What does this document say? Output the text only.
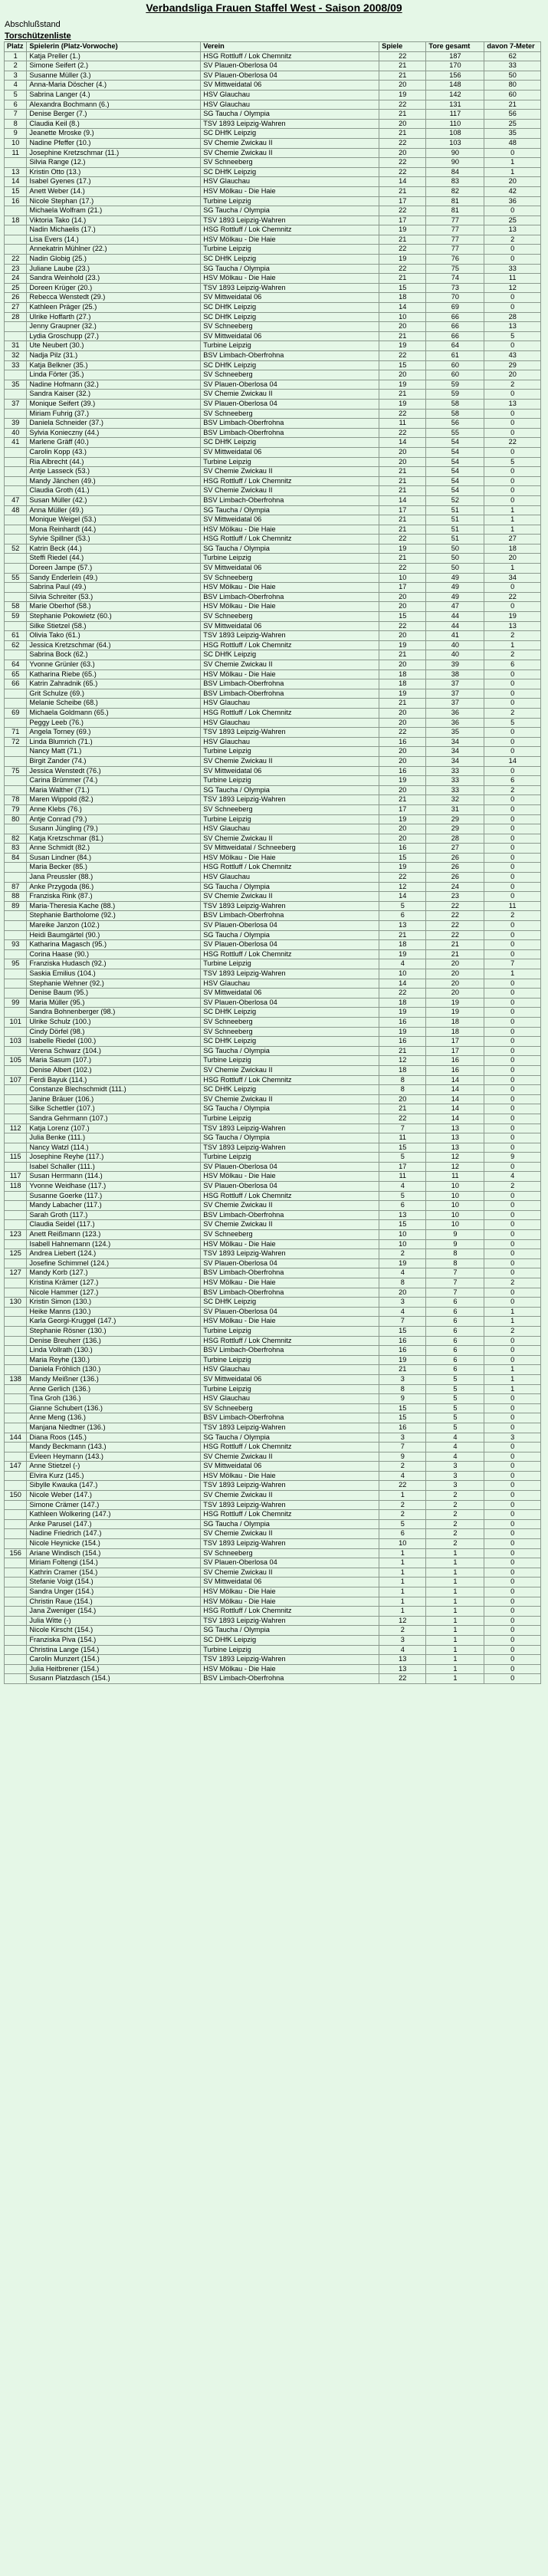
Verbandsliga Frauen Staffel West - Saison 2008/09
Abschlußstand
Torschützenliste
Platz	Spielerin (Platz-Vorwoche)	Verein	Spiele	Tore gesamt	davon 7-Meter
1	Katja Preller (1.)	HSG Rottluff / Lok Chemnitz	22	187	62
2	Simone Seifert (2.)	SV Plauen-Oberlosa 04	21	170	33
3	Susanne Müller (3.)	SV Plauen-Oberlosa 04	21	156	50
4	Anna-Maria Döscher (4.)	SV Mittweidatal 06	20	148	80
5	Sabrina Langer (4.)	HSV Glauchau	19	142	60
6	Alexandra Bochmann (6.)	HSV Glauchau	22	131	21
7	Denise Berger (7.)	SG Taucha / Olympia	21	117	56
8	Claudia Keil (8.)	TSV 1893 Leipzig-Wahren	20	110	25
9	Jeanette Mroske (9.)	SC DHfK Leipzig	21	108	35
10	Nadine Pfeffer (10.)	SV Chemie Zwickau II	22	103	48
11	Josephine Kretzschmar (11.)	SV Chemie Zwickau II	20	90	0
	Silvia Range (12.)	SV Schneeberg	22	90	1
13	Kristin Otto (13.)	SC DHfK Leipzig	22	84	1
14	Isabel Gyenes (17.)	HSV Glauchau	14	83	20
15	Anett Weber (14.)	HSV Mölkau - Die Haie	21	82	42
16	Nicole Stephan (17.)	Turbine Leipzig	17	81	36
	Michaela Wolfram (21.)	SG Taucha / Olympia	22	81	0
18	Viktoria Tako (14.)	TSV 1893 Leipzig-Wahren	17	77	25
	Nadin Michaelis (17.)	HSG Rottluff / Lok Chemnitz	19	77	13
	Lisa Evers (14.)	HSV Mölkau - Die Haie	21	77	2
	Annekatrin Mühlner (22.)	Turbine Leipzig	22	77	0
22	Nadin Globig (25.)	SC DHfK Leipzig	19	76	0
23	Juliane Laube (23.)	SG Taucha / Olympia	22	75	33
24	Sandra Weinhold (23.)	HSV Mölkau - Die Haie	21	74	11
25	Doreen Krüger (20.)	TSV 1893 Leipzig-Wahren	15	73	12
26	Rebecca Wenstedt (29.)	SV Mittweidatal 06	18	70	0
27	Kathleen Präger (25.)	SC DHfK Leipzig	14	69	0
28	Ulrike Hoffarth (27.)	SC DHfK Leipzig	10	66	28
	Jenny Graupner (32.)	SV Schneeberg	20	66	13
	Lydia Groschupp (27.)	SV Mittweidatal 06	21	66	5
31	Ute Neubert (30.)	Turbine Leipzig	19	64	0
32	Nadja Pilz (31.)	BSV Limbach-Oberfrohna	22	61	43
33	Katja Belkner (35.)	SC DHfK Leipzig	15	60	29
	Linda Förter (35.)	SV Schneeberg	20	60	20
35	Nadine Hofmann (32.)	SV Plauen-Oberlosa 04	19	59	2
	Sandra Kaiser (32.)	SV Chemie Zwickau II	21	59	0
37	Monique Seifert (39.)	SV Plauen-Oberlosa 04	19	58	13
	Miriam Fuhrig (37.)	SV Schneeberg	22	58	0
39	Daniela Schneider (37.)	BSV Limbach-Oberfrohna	11	56	0
40	Sylvia Konieczny (44.)	BSV Limbach-Oberfrohna	22	55	0
41	Marlene Gräff (40.)	SC DHfK Leipzig	14	54	22
	Carolin Kopp (43.)	SV Mittweidatal 06	20	54	0
	Ria Albrecht (44.)	Turbine Leipzig	20	54	5
	Antje Lasseck (53.)	SV Chemie Zwickau II	21	54	0
	Mandy Jänchen (49.)	HSG Rottluff / Lok Chemnitz	21	54	0
	Claudia Groth (41.)	SV Chemie Zwickau II	21	54	0
47	Susan Müller (42.)	BSV Limbach-Oberfrohna	14	52	0
48	Anna Müller (49.)	SG Taucha / Olympia	17	51	1
	Monique Weigel (53.)	SV Mittweidatal 06	21	51	1
	Mona Reinhardt (44.)	HSV Mölkau - Die Haie	21	51	1
	Sylvie Spillner (53.)	HSG Rottluff / Lok Chemnitz	22	51	27
52	Katrin Beck (44.)	SG Taucha / Olympia	19	50	18
	Steffi Riedel (44.)	Turbine Leipzig	21	50	20
	Doreen Jampe (57.)	SV Mittweidatal 06	22	50	1
55	Sandy Enderlein (49.)	SV Schneeberg	10	49	34
	Sabrina Paul (49.)	HSV Mölkau - Die Haie	17	49	0
	Silvia Schreiter (53.)	BSV Limbach-Oberfrohna	20	49	22
58	Marie Oberhof (58.)	HSV Mölkau - Die Haie	20	47	0
59	Stephanie Pokowietz (60.)	SV Schneeberg	15	44	19
	Silke Stietzel (58.)	SV Mittweidatal 06	22	44	13
61	Olivia Tako (61.)	TSV 1893 Leipzig-Wahren	20	41	2
62	Jessica Kretzschmar (64.)	HSG Rottluff / Lok Chemnitz	19	40	1
	Sabrina Bock (62.)	SC DHfK Leipzig	21	40	2
64	Yvonne Grünler (63.)	SV Chemie Zwickau II	20	39	6
65	Katharina Riebe (65.)	HSV Mölkau - Die Haie	18	38	0
66	Katrin Zahradnik (65.)	BSV Limbach-Oberfrohna	18	37	0
	Grit Schulze (69.)	BSV Limbach-Oberfrohna	19	37	0
	Melanie Scheibe (68.)	HSV Glauchau	21	37	0
69	Michaela Goldmann (65.)	HSG Rottluff / Lok Chemnitz	20	36	2
	Peggy Leeb (76.)	HSV Glauchau	20	36	5
71	Angela Torney (69.)	TSV 1893 Leipzig-Wahren	22	35	0
72	Linda Blumrich (71.)	HSV Glauchau	16	34	0
	Nancy Matt (71.)	Turbine Leipzig	20	34	0
	Birgit Zander (74.)	SV Chemie Zwickau II	20	34	14
75	Jessica Wenstedt (76.)	SV Mittweidatal 06	16	33	0
	Carina Brümmer (74.)	Turbine Leipzig	19	33	6
	Maria Walther (71.)	SG Taucha / Olympia	20	33	2
78	Maren Wippold (82.)	TSV 1893 Leipzig-Wahren	21	32	0
79	Anne Klebs (76.)	SV Schneeberg	17	31	0
80	Antje Conrad (79.)	Turbine Leipzig	19	29	0
	Susann Jüngling (79.)	HSV Glauchau	20	29	0
82	Katja Kretzschmar (81.)	SV Chemie Zwickau II	20	28	0
83	Anne Schmidt (82.)	SV Mittweidatal / Schneeberg	16	27	0
84	Susan Lindner (84.)	HSV Mölkau - Die Haie	15	26	0
	Maria Becker (85.)	HSG Rottluff / Lok Chemnitz	19	26	0
	Jana Preussler (88.)	HSV Glauchau	22	26	0
87	Anke Przygoda (86.)	SG Taucha / Olympia	12	24	0
88	Franziska Rink (87.)	SV Chemie Zwickau II	14	23	0
89	Maria-Theresia Kache (88.)	TSV 1893 Leipzig-Wahren	5	22	11
	Stephanie Bartholome (92.)	BSV Limbach-Oberfrohna	6	22	2
	Mareike Janzon (102.)	SV Plauen-Oberlosa 04	13	22	0
	Heidi Baumgärtel (90.)	SG Taucha / Olympia	21	22	0
93	Katharina Magasch (95.)	SV Plauen-Oberlosa 04	18	21	0
	Corina Haase (90.)	HSG Rottluff / Lok Chemnitz	19	21	0
95	Franziska Hudasch (92.)	Turbine Leipzig	4	20	7
	Saskia Emilius (104.)	TSV 1893 Leipzig-Wahren	10	20	1
	Stephanie Wehner (92.)	HSV Glauchau	14	20	0
	Denise Baum (95.)	SV Mittweidatal 06	22	20	0
99	Maria Müller (95.)	SV Plauen-Oberlosa 04	18	19	0
	Sandra Bohnenberger (98.)	SC DHfK Leipzig	19	19	0
101	Ulrike Schulz (100.)	SV Schneeberg	16	18	0
	Cindy Dörfel (98.)	SV Schneeberg	19	18	0
103	Isabelle Riedel (100.)	SC DHfK Leipzig	16	17	0
	Verena Schwarz (104.)	SG Taucha / Olympia	21	17	0
105	Maria Sasum (107.)	Turbine Leipzig	12	16	0
	Denise Albert (102.)	SV Chemie Zwickau II	18	16	0
107	Ferdi Bayuk (114.)	HSG Rottluff / Lok Chemnitz	8	14	0
	Constanze Blechschmidt (111.)	SC DHfK Leipzig	8	14	0
	Janine Bräuer (106.)	SV Chemie Zwickau II	20	14	0
	Silke Schettler (107.)	SG Taucha / Olympia	21	14	0
	Sandra Gehrmann (107.)	Turbine Leipzig	22	14	0
112	Katja Lorenz (107.)	TSV 1893 Leipzig-Wahren	7	13	0
	Julia Benke (111.)	SG Taucha / Olympia	11	13	0
	Nancy Watzl (114.)	TSV 1893 Leipzig-Wahren	15	13	0
115	Josephine Reyhe (117.)	Turbine Leipzig	5	12	9
	Isabel Schaller (111.)	SV Plauen-Oberlosa 04	17	12	0
117	Susan Herrmann (114.)	HSV Mölkau - Die Haie	11	11	4
118	Yvonne Weidhase (117.)	SV Plauen-Oberlosa 04	4	10	2
	Susanne Goerke (117.)	HSG Rottluff / Lok Chemnitz	5	10	0
	Mandy Labacher (117.)	SV Chemie Zwickau II	6	10	0
	Sarah Groth (117.)	BSV Limbach-Oberfrohna	13	10	0
	Claudia Seidel (117.)	SV Chemie Zwickau II	15	10	0
123	Anett Reißmann (123.)	SV Schneeberg	10	9	0
	Isabell Hahnemann (124.)	HSV Mölkau - Die Haie	10	9	0
125	Andrea Liebert (124.)	TSV 1893 Leipzig-Wahren	2	8	0
	Josefine Schimmel (124.)	SV Plauen-Oberlosa 04	19	8	0
127	Mandy Korb (127.)	BSV Limbach-Oberfrohna	4	7	0
	Kristina Krämer (127.)	HSV Mölkau - Die Haie	8	7	2
	Nicole Hammer (127.)	BSV Limbach-Oberfrohna	20	7	0
130	Kristin Simon (130.)	SC DHfK Leipzig	3	6	0
	Heike Manns (130.)	SV Plauen-Oberlosa 04	4	6	1
	Karla Georgi-Kruggel (147.)	HSV Mölkau - Die Haie	7	6	1
	Stephanie Rösner (130.)	Turbine Leipzig	15	6	2
	Denise Breuherr (136.)	HSG Rottluff / Lok Chemnitz	16	6	0
	Linda Vollrath (130.)	BSV Limbach-Oberfrohna	16	6	0
	Maria Reyhe (130.)	Turbine Leipzig	19	6	0
	Daniela Fröhlich (130.)	HSV Glauchau	21	6	1
138	Mandy Meißner (136.)	SV Mittweidatal 06	3	5	1
	Anne Gerlich (136.)	Turbine Leipzig	8	5	1
	Tina Groh (136.)	HSV Glauchau	9	5	0
	Gianne Schubert (136.)	SV Schneeberg	15	5	0
	Anne Meng (136.)	BSV Limbach-Oberfrohna	15	5	0
	Manjana Niedtner (136.)	TSV 1893 Leipzig-Wahren	16	5	0
144	Diana Roos (145.)	SG Taucha / Olympia	3	4	3
	Mandy Beckmann (143.)	HSG Rottluff / Lok Chemnitz	7	4	0
	Evleen Heymann (143.)	SV Chemie Zwickau II	9	4	0
147	Anne Stietzel (-)	SV Mittweidatal 06	2	3	0
	Elvira Kurz (145.)	HSV Mölkau - Die Haie	4	3	0
	Sibylle Kwauka (147.)	TSV 1893 Leipzig-Wahren	22	3	0
150	Nicole Weber (147.)	SV Chemie Zwickau II	1	2	0
	Simone Crämer (147.)	TSV 1893 Leipzig-Wahren	2	2	0
	Kathleen Wolkering (147.)	HSG Rottluff / Lok Chemnitz	2	2	0
	Anke Parusel (147.)	SG Taucha / Olympia	5	2	0
	Nadine Friedrich (147.)	SV Chemie Zwickau II	6	2	0
	Nicole Heynicke (154.)	TSV 1893 Leipzig-Wahren	10	2	0
156	Ariane Windisch (154.)	SV Schneeberg	1	1	0
	Miriam Foltengi (154.)	SV Plauen-Oberlosa 04	1	1	0
	Kathrin Cramer (154.)	SV Chemie Zwickau II	1	1	0
	Stefanie Voigt (154.)	SV Mittweidatal 06	1	1	0
	Sandra Unger (154.)	HSV Mölkau - Die Haie	1	1	0
	Christin Raue (154.)	HSV Mölkau - Die Haie	1	1	0
	Jana Zweniger (154.)	HSG Rottluff / Lok Chemnitz	1	1	0
	Julia Witte (-)	TSV 1893 Leipzig-Wahren	12	1	0
	Nicole Kirscht (154.)	SG Taucha / Olympia	2	1	0
	Franziska Piva (154.)	SC DHfK Leipzig	3	1	0
	Christina Lange (154.)	Turbine Leipzig	4	1	0
	Carolin Munzert (154.)	TSV 1893 Leipzig-Wahren	13	1	0
	Julia Heitbrener (154.)	HSV Mölkau - Die Haie	13	1	0
	Susann Platzdasch (154.)	BSV Limbach-Oberfrohna	22	1	0
